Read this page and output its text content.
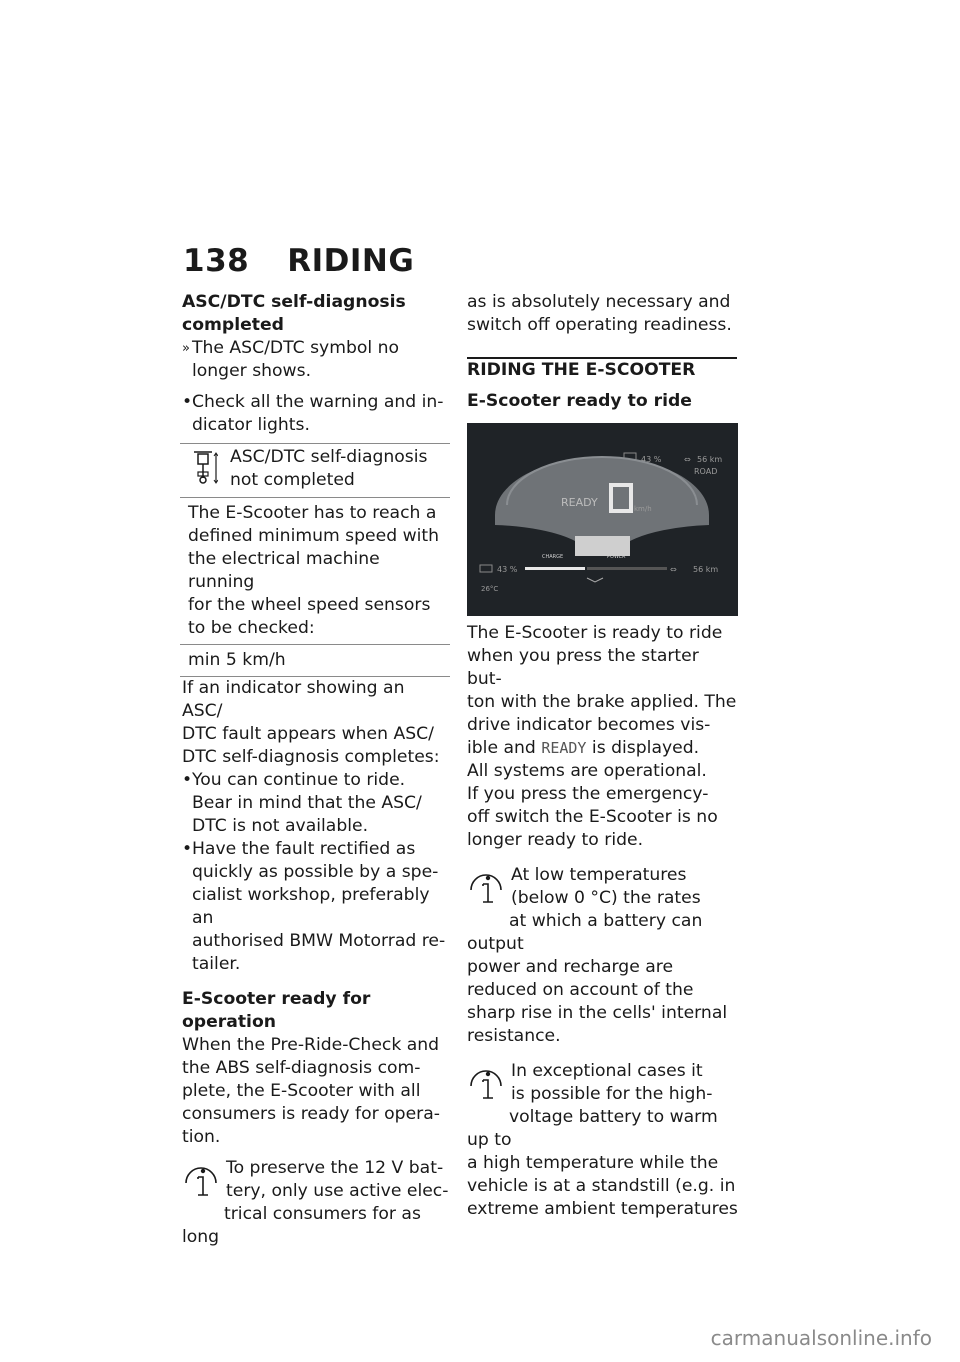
138 RIDING

ASC/DTC self-diagnosis
completed

» The ASC/DTC symbol no
longer shows.

• Check all the warning and in-
dicator lights.

ASC/DTC self-diagnosis
not completed

The E-Scooter has to reach a
defined minimum speed with
the electrical machine running
for the wheel speed sensors
to be checked:

min 5 km/h

If an indicator showing an ASC/
DTC fault appears when ASC/
DTC self-diagnosis completes:

• You can continue to ride.
Bear in mind that the ASC/
DTC is not available.

• Have the fault rectified as
quickly as possible by a spe-
cialist workshop, preferably an
authorised BMW Motorrad re-
tailer.

E-Scooter ready for operation

When the Pre-Ride-Check and
the ABS self-diagnosis com-
plete, the E-Scooter with all
consumers is ready for opera-
tion.

To preserve the 12 V bat-

tery, only use active elec-

trical consumers for as long

as is absolutely necessary and
switch off operating readiness.

RIDING THE E-SCOOTER

E-Scooter ready to ride

43 %	⇔ 56 km
ROAD
READY	km/h
CHARGE	POWER
43 %	⇔ 56 km
26°C

The E-Scooter is ready to ride
when you press the starter but-
ton with the brake applied. The
drive indicator becomes vis-
ible and READY is displayed.
All systems are operational.

If you press the emergency-
off switch the E-Scooter is no
longer ready to ride.

At low temperatures

(below 0 °C) the rates

at which a battery can output

power and recharge are

reduced on account of the

sharp rise in the cells' internal

resistance.

In exceptional cases it

is possible for the high-

voltage battery to warm up to

a high temperature while the

vehicle is at a standstill (e.g. in

extreme ambient temperatures

carmanualsonline.info
